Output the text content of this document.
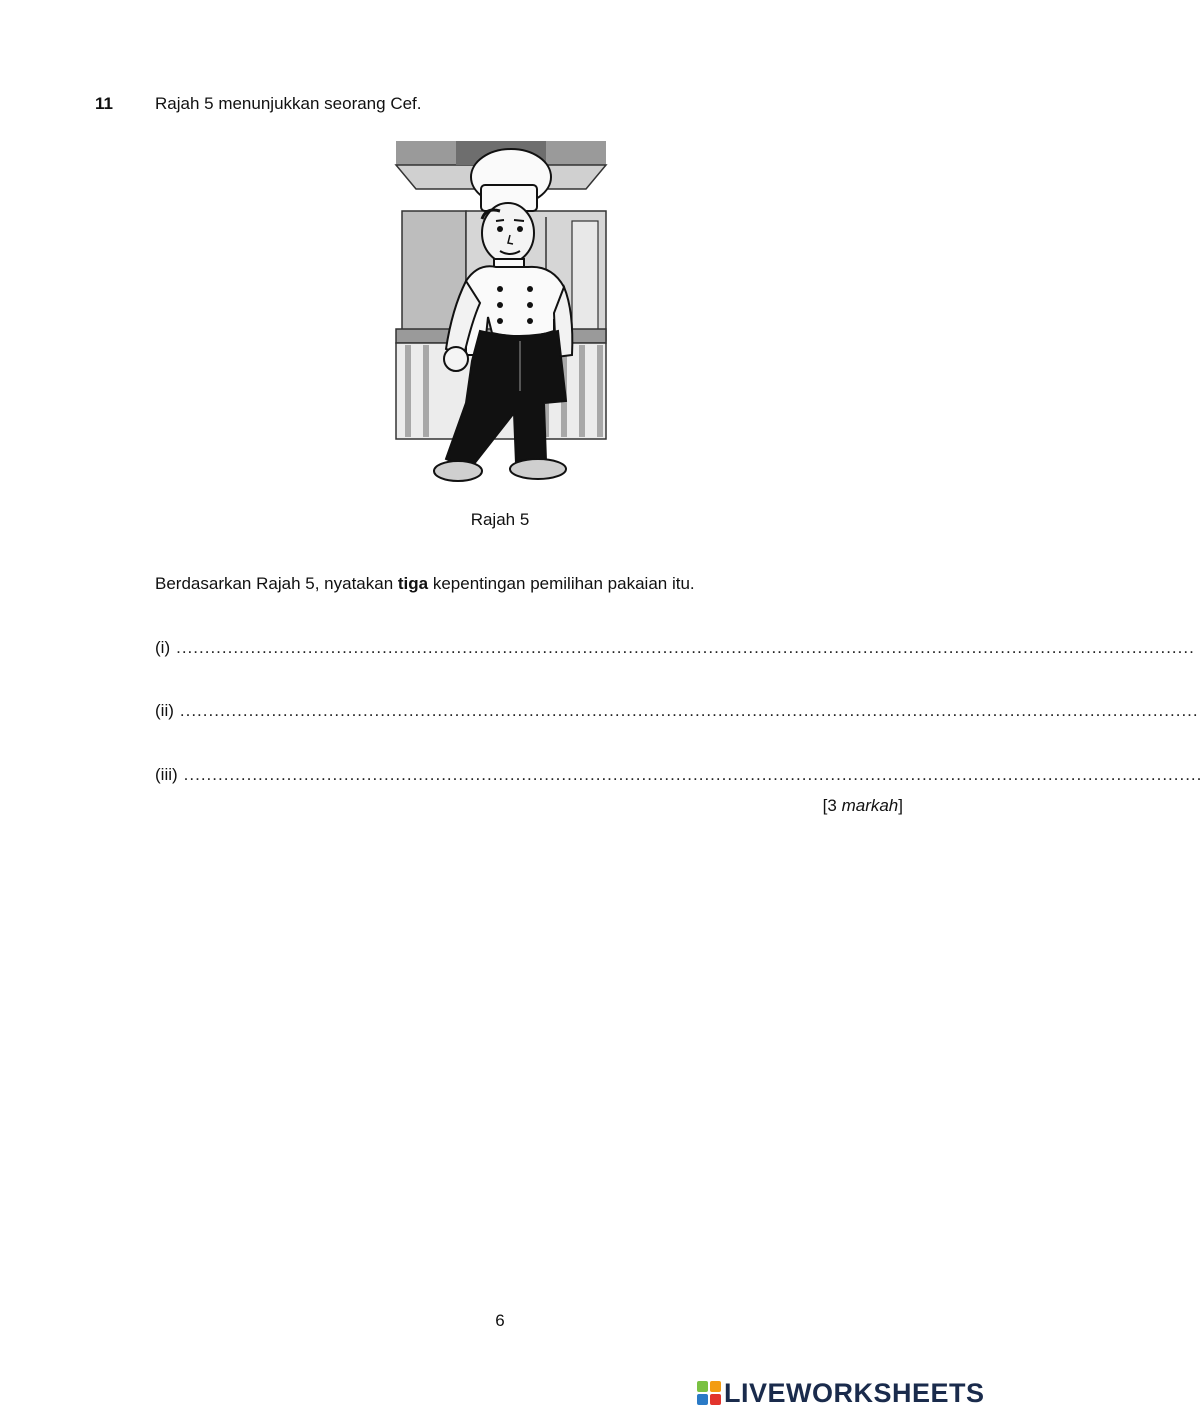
11 Rajah 5 menunjukkan seorang Cef.
Rajah 5
Berdasarkan Rajah 5, nyatakan tiga kepentingan pemilihan pakaian itu.
(i) ..................................................................................................................................................................................
(ii) ..................................................................................................................................................................................
(iii) ..................................................................................................................................................................................
[3 markah]
6
LIVEWORKSHEETS
